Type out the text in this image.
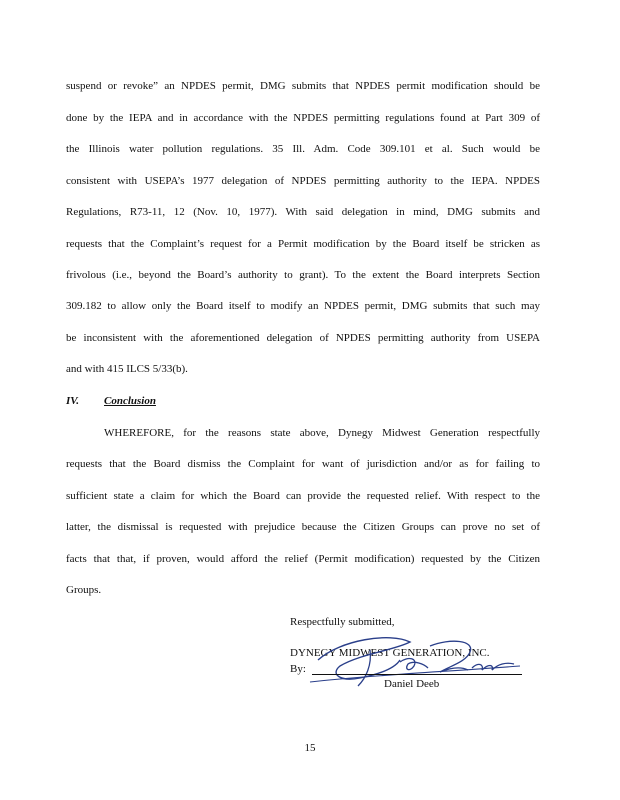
suspend or revoke” an NPDES permit, DMG submits that NPDES permit modification should be
done by the IEPA and in accordance with the NPDES permitting regulations found at Part 309 of
the Illinois water pollution regulations. 35 Ill. Adm. Code 309.101 et al. Such would be
consistent with USEPA’s 1977 delegation of NPDES permitting authority to the IEPA. NPDES
Regulations, R73-11, 12 (Nov. 10, 1977). With said delegation in mind, DMG submits and
requests that the Complaint’s request for a Permit modification by the Board itself be stricken as
frivolous (i.e., beyond the Board’s authority to grant). To the extent the Board interprets Section
309.182 to allow only the Board itself to modify an NPDES permit, DMG submits that such may
be inconsistent with the aforementioned delegation of NPDES permitting authority from USEPA
and with 415 ILCS 5/33(b).
IV. Conclusion
WHEREFORE, for the reasons state above, Dynegy Midwest Generation respectfully
requests that the Board dismiss the Complaint for want of jurisdiction and/or as for failing to
sufficient state a claim for which the Board can provide the requested relief. With respect to the
latter, the dismissal is requested with prejudice because the Citizen Groups can prove no set of
facts that that, if proven, would afford the relief (Permit modification) requested by the Citizen
Groups.
Respectfully submitted,
DYNEGY MIDWEST GENERATION, INC.
By:
Daniel Deeb
15
